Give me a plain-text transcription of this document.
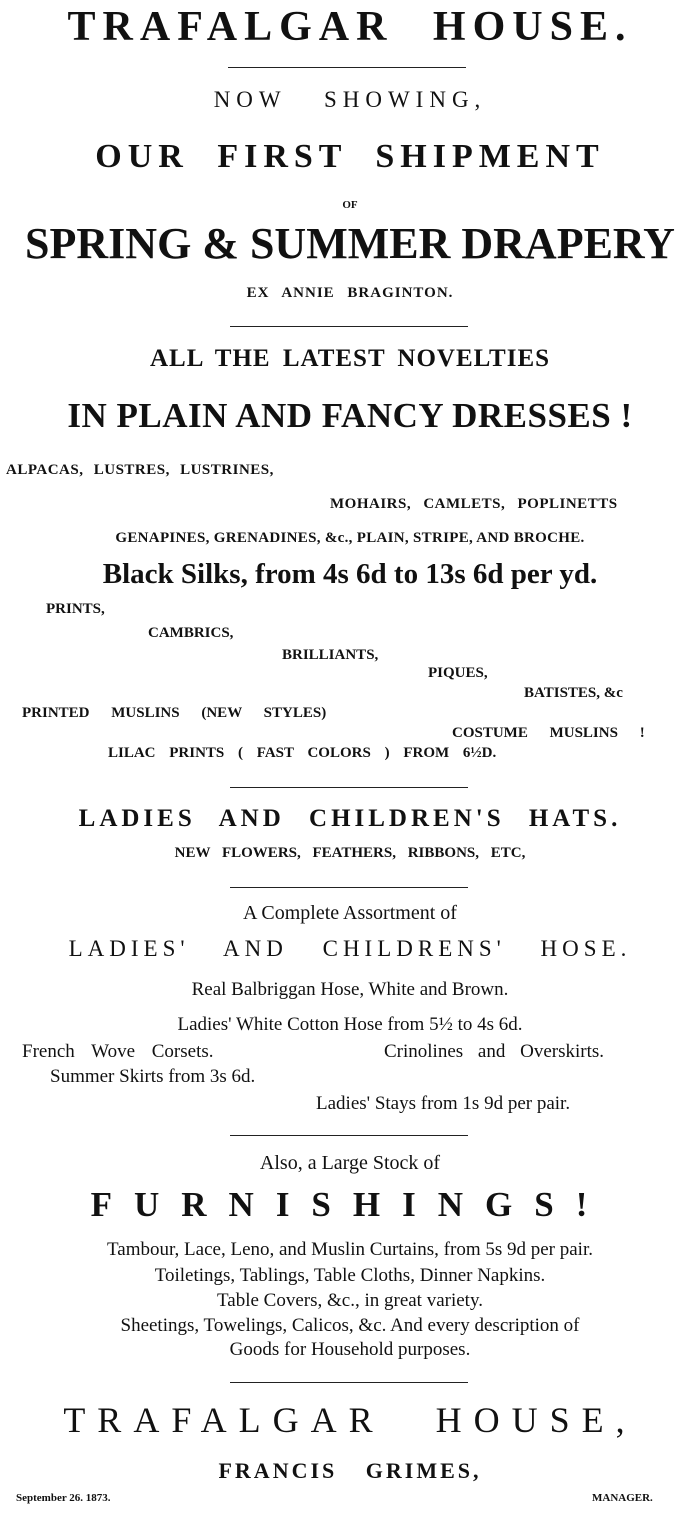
TRAFALGAR HOUSE.
NOW SHOWING,
OUR FIRST SHIPMENT
OF
SPRING & SUMMER DRAPERY
EX ANNIE BRAGINTON.
ALL THE LATEST NOVELTIES
IN PLAIN AND FANCY DRESSES !
ALPACAS, LUSTRES, LUSTRINES,
MOHAIRS, CAMLETS, POPLINETTS
GENAPINES, GRENADINES, &c., PLAIN, STRIPE, AND BROCHE.
Black Silks, from 4s 6d to 13s 6d per yd.
PRINTS,
CAMBRICS,
BRILLIANTS,
PIQUES,
BATISTES, &c
PRINTED MUSLINS (NEW STYLES)
COSTUME MUSLINS !
LILAC PRINTS ( FAST COLORS ) FROM 6½D.
LADIES AND CHILDREN'S HATS.
NEW FLOWERS, FEATHERS, RIBBONS, ETC,
A Complete Assortment of
LADIES' AND CHILDRENS' HOSE.
Real Balbriggan Hose, White and Brown.
Ladies' White Cotton Hose from 5½ to 4s 6d.
French Wove Corsets.	Crinolines and Overskirts.
Summer Skirts from 3s 6d.
Ladies' Stays from 1s 9d per pair.
Also, a Large Stock of
FURNISHINGS!
Tambour, Lace, Leno, and Muslin Curtains, from 5s 9d per pair.
Toiletings, Tablings, Table Cloths, Dinner Napkins.
Table Covers, &c., in great variety.
Sheetings, Towelings, Calicos, &c. And every description of
Goods for Household purposes.
TRAFALGAR HOUSE,
FRANCIS GRIMES,
September 26. 1873.	MANAGER.
